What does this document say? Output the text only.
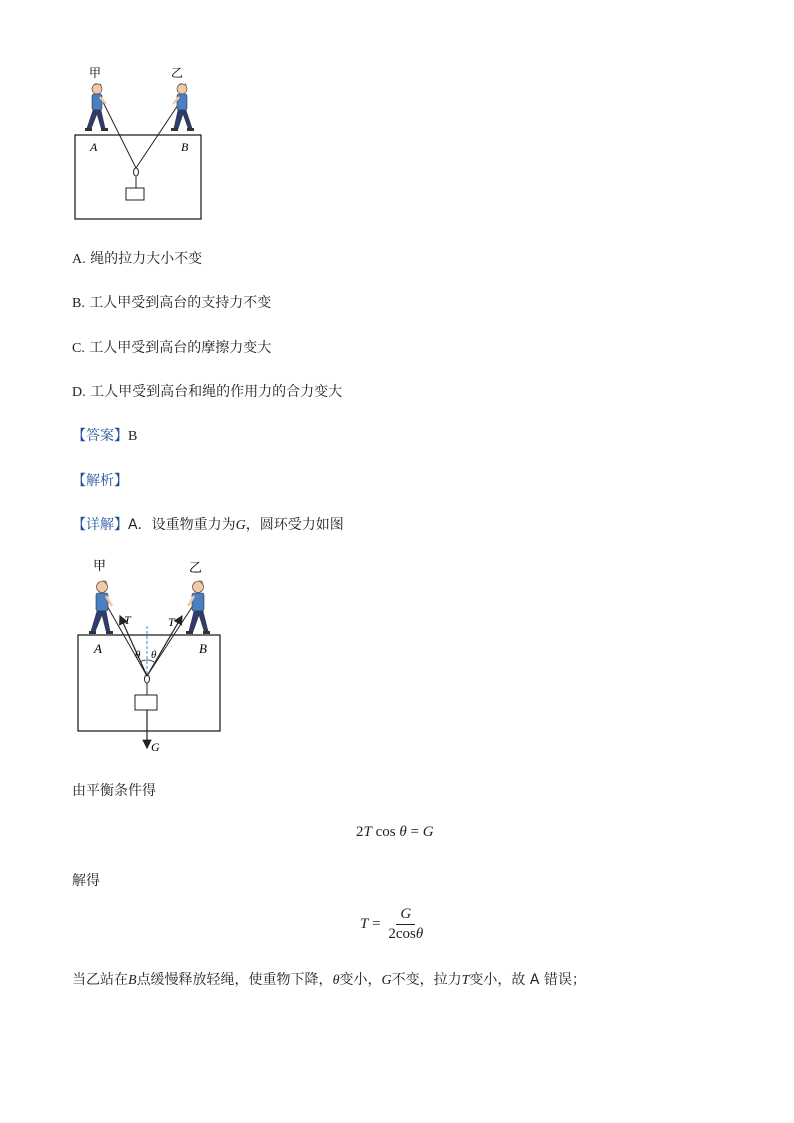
甲	乙
A	B
A. 绳的拉力大小不变
B. 工人甲受到高台的支持力不变
C. 工人甲受到高台的摩擦力变大
D. 工人甲受到高台和绳的作用力的合力变大
【答案】B
【解析】
【详解】A．设重物重力为G，圆环受力如图
甲	乙
A	B
T	T
θ θ
G
由平衡条件得
2T cos θ = G
解得
$T = \frac{G}{2\cos\theta}$
当乙站在B点缓慢释放轻绳，使重物下降，θ变小，G不变，拉力T变小，故 A 错误；
